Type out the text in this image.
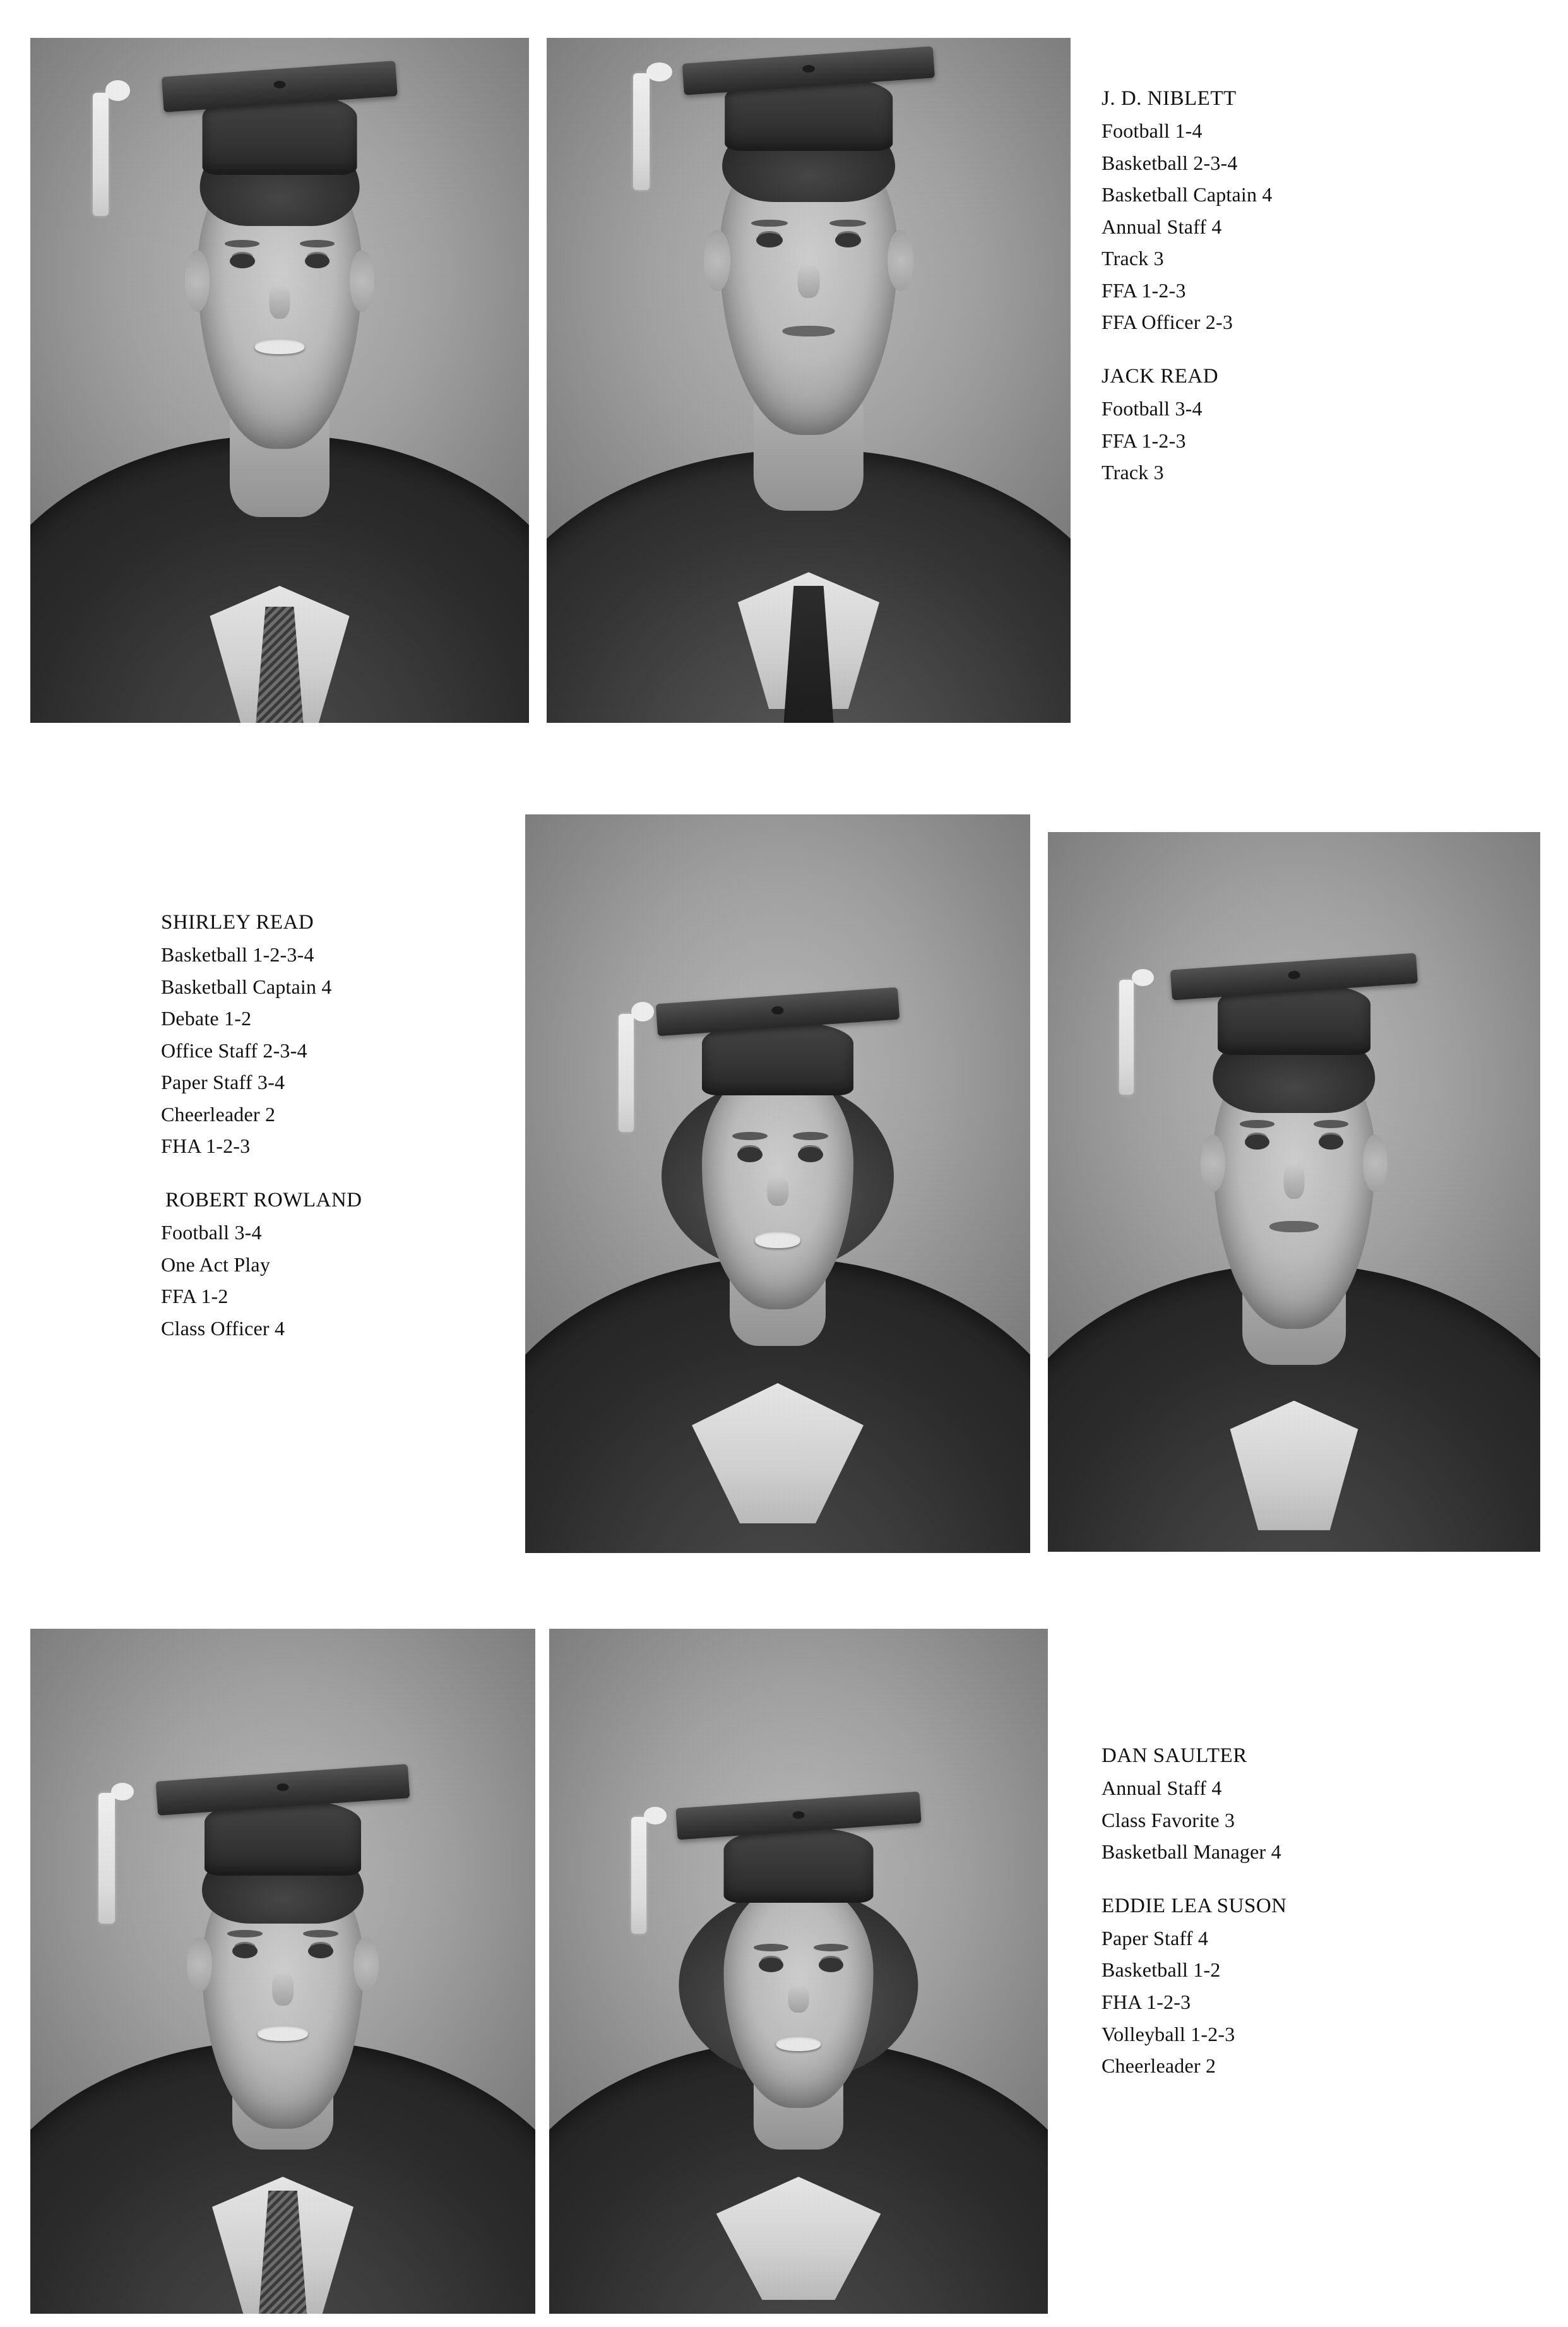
J. D. NIBLETT
Football 1-4
Basketball 2-3-4
Basketball Captain 4
Annual Staff 4
Track 3
FFA 1-2-3
FFA Officer 2-3
JACK READ
Football 3-4
FFA 1-2-3
Track 3
SHIRLEY READ
Basketball 1-2-3-4
Basketball Captain 4
Debate 1-2
Office Staff 2-3-4
Paper Staff 3-4
Cheerleader 2
FHA 1-2-3
ROBERT ROWLAND
Football 3-4
One Act Play
FFA 1-2
Class Officer 4
DAN SAULTER
Annual Staff 4
Class Favorite 3
Basketball Manager 4
EDDIE LEA SUSON
Paper Staff 4
Basketball 1-2
FHA 1-2-3
Volleyball 1-2-3
Cheerleader 2
